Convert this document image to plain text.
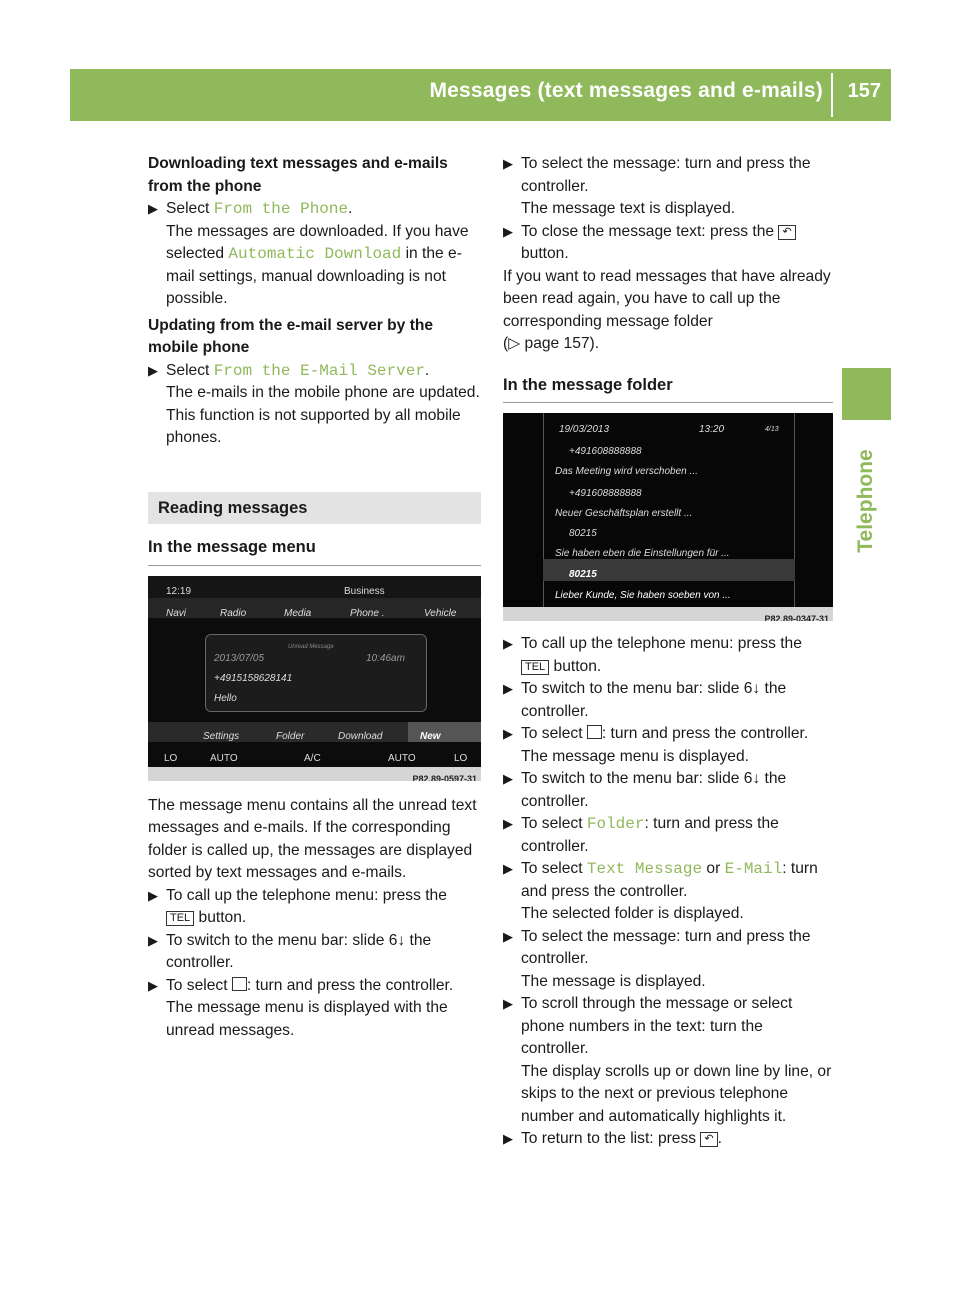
Messages (text messages and e-mails) 157
Telephone
Downloading text messages and e-mails from the phone
▶ Select From the Phone.
The messages are downloaded. If you have selected Automatic Download in the e-mail settings, manual downloading is not possible.
Updating from the e-mail server by the mobile phone
▶ Select From the E-Mail Server.
The e-mails in the mobile phone are updated.
This function is not supported by all mobile phones.
Reading messages
In the message menu
12:19	Business
Navi	Radio	Media	Phone .	Vehicle
Unread Message
2013/07/05	10:46am
+4915158628141
Hello
Settings	Folder	Download	New
LO	AUTO	A/C	AUTO	LO
P82.89-0597-31
The message menu contains all the unread text messages and e-mails. If the corresponding folder is called up, the messages are displayed sorted by text messages and e-mails.
▶ To call up the telephone menu: press the
TEL button.
▶ To switch to the menu bar: slide 6↓ the controller.
▶ To select : turn and press the controller.
The message menu is displayed with the unread messages.
▶ To select the message: turn and press the controller.
The message text is displayed.
▶ To close the message text: press the ↶
button.
If you want to read messages that have already been read again, you have to call up the corresponding message folder
(▷ page 157).
In the message folder
19/03/2013	13:20	4/13
+491608888888
Das Meeting wird verschoben ...
+491608888888
Neuer Geschäftsplan erstellt ...
80215
Sie haben eben die Einstellungen für ...
80215
Lieber Kunde, Sie haben soeben von ...
P82.89-0347-31
▶ To call up the telephone menu: press the
TEL button.
▶ To switch to the menu bar: slide 6↓ the controller.
▶ To select : turn and press the controller.
The message menu is displayed.
▶ To switch to the menu bar: slide 6↓ the controller.
▶ To select Folder: turn and press the controller.
▶ To select Text Message or E-Mail: turn and press the controller.
The selected folder is displayed.
▶ To select the message: turn and press the controller.
The message is displayed.
▶ To scroll through the message or select phone numbers in the text: turn the controller.
The display scrolls up or down line by line, or skips to the next or previous telephone number and automatically highlights it.
▶ To return to the list: press ↶ .
